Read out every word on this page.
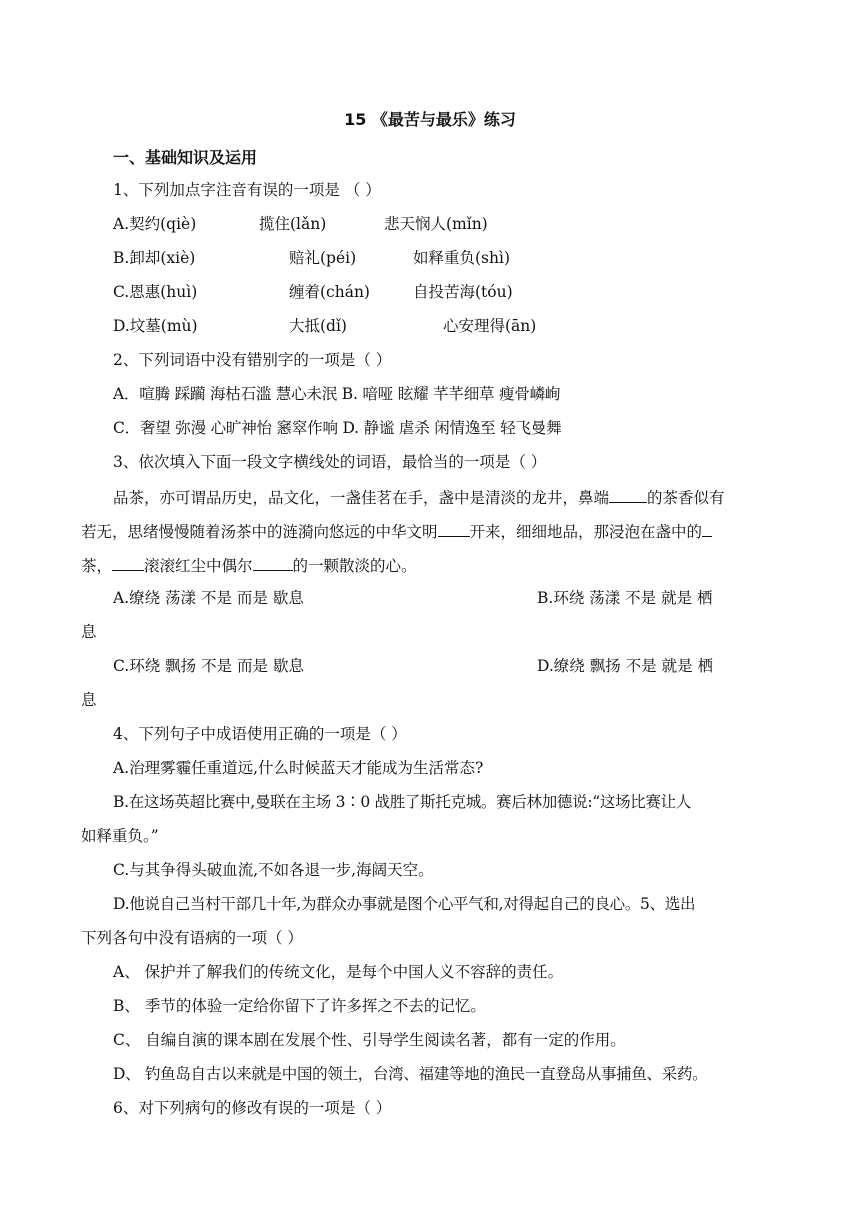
15 《最苦与最乐》练习
一、基础知识及运用
1、下列加点字注音有误的一项是 （ ）
A.契约(qiè)	揽住(lǎn)	悲天悯人(mǐn)
B.卸却(xiè)	赔礼(péi)	如释重负(shì)
C.恩惠(huì)	缠着(chán)	自投苦海(tóu)
D.坟墓(mù)	大抵(dǐ)	心安理得(ān)
2、下列词语中没有错别字的一项是（ ）
A．喧腾 踩躏 海枯石滥 慧心未泯 B. 喑哑 眩耀 芊芊细草 瘦骨嶙峋
C．奢望 弥漫 心旷神怡 窸窣作响 D. 静谧 虐杀 闲情逸至 轻飞曼舞
3、依次填入下面一段文字横线处的词语，最恰当的一项是（ ）
品茶，亦可谓品历史，品文化，一盏佳茗在手，盏中是清淡的龙井，鼻端 的茶香似有
若无，思绪慢慢随着汤茶中的涟漪向悠远的中华文明 开来，细细地品，那浸泡在盏中的
茶， 滚滚红尘中偶尔	的一颗散淡的心。
A.缭绕 荡漾 不是 而是 歇息	B.环绕 荡漾 不是 就是 栖
息
C.环绕 飘扬 不是 而是 歇息	D.缭绕 飘扬 不是 就是 栖
息
4、下列句子中成语使用正确的一项是（ ）
A.治理雾霾任重道远,什么时候蓝天才能成为生活常态?
B.在这场英超比赛中,曼联在主场 3∶0 战胜了斯托克城。赛后林加德说:“这场比赛让人
如释重负。”
C.与其争得头破血流,不如各退一步,海阔天空。
D.他说自己当村干部几十年,为群众办事就是图个心平气和,对得起自己的良心。5、选出
下列各句中没有语病的一项（ ）
A、 保护并了解我们的传统文化，是每个中国人义不容辞的责任。
B、 季节的体验一定给你留下了许多挥之不去的记忆。
C、 自编自演的课本剧在发展个性、引导学生阅读名著，都有一定的作用。
D、 钓鱼岛自古以来就是中国的领土，台湾、福建等地的渔民一直登岛从事捕鱼、采药。
6、对下列病句的修改有误的一项是（ ）
